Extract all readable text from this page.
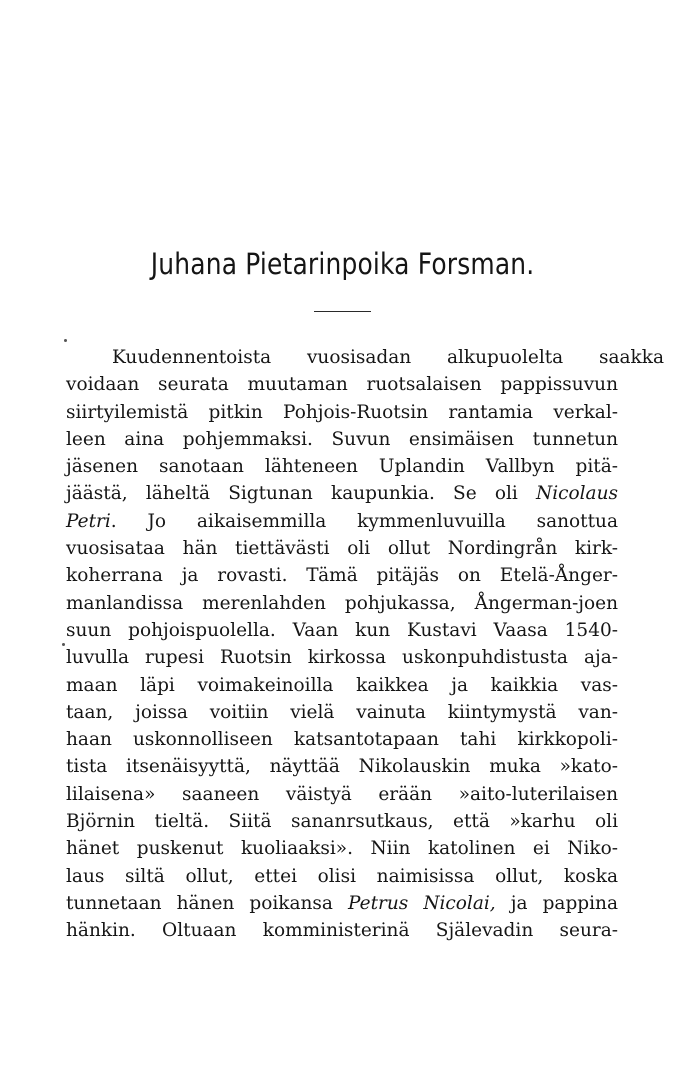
Juhana Pietarinpoika Forsman.
Kuudennentoista vuosisadan alkupuolelta saakka
voidaan seurata muutaman ruotsalaisen pappissuvun
siirtyilemistä pitkin Pohjois-Ruotsin rantamia verkal-
leen aina pohjemmaksi. Suvun ensimäisen tunnetun
jäsenen sanotaan lähteneen Uplandin Vallbyn pitä-
jäästä, läheltä Sigtunan kaupunkia. Se oli Nicolaus
Petri. Jo aikaisemmilla kymmenluvuilla sanottua
vuosisataa hän tiettävästi oli ollut Nordingrån kirk-
koherrana ja rovasti. Tämä pitäjäs on Etelä-Ånger-
manlandissa merenlahden pohjukassa, Ångerman-joen
suun pohjoispuolella. Vaan kun Kustavi Vaasa 1540-
luvulla rupesi Ruotsin kirkossa uskonpuhdistusta aja-
maan läpi voimakeinoilla kaikkea ja kaikkia vas-
taan, joissa voitiin vielä vainuta kiintymystä van-
haan uskonnolliseen katsantotapaan tahi kirkkopoli-
tista itsenäisyyttä, näyttää Nikolauskin muka »kato-
lilaisena» saaneen väistyä erään »aito-luterilaisen
Björnin tieltä. Siitä sananrsutkaus, että »karhu oli
hänet puskenut kuoliaaksi». Niin katolinen ei Niko-
laus siltä ollut, ettei olisi naimisissa ollut, koska
tunnetaan hänen poikansa Petrus Nicolai, ja pappina
hänkin. Oltuaan komministerinä Själevadin seura-
